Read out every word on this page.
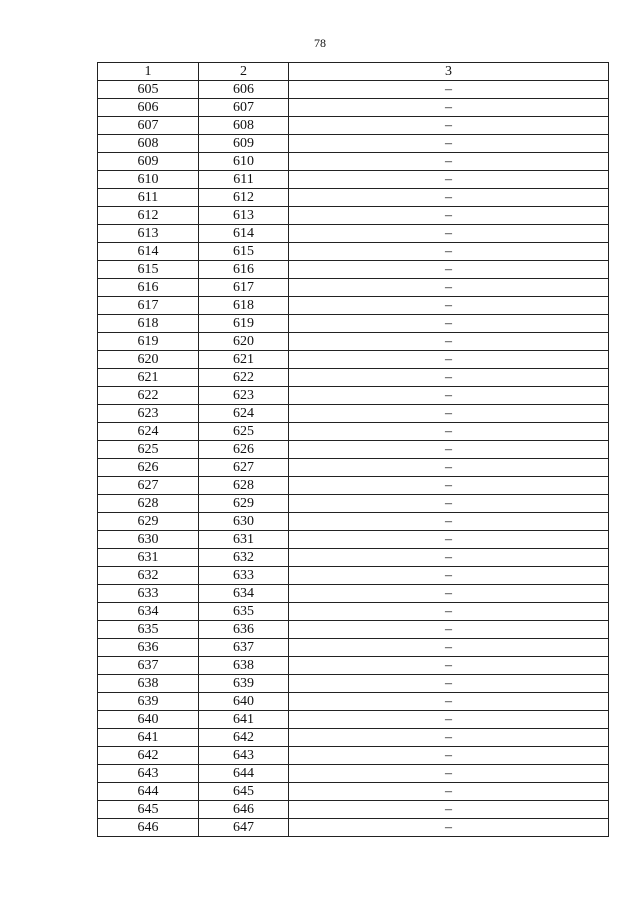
78
1	2	3
605	606	–
606	607	–
607	608	–
608	609	–
609	610	–
610	611	–
611	612	–
612	613	–
613	614	–
614	615	–
615	616	–
616	617	–
617	618	–
618	619	–
619	620	–
620	621	–
621	622	–
622	623	–
623	624	–
624	625	–
625	626	–
626	627	–
627	628	–
628	629	–
629	630	–
630	631	–
631	632	–
632	633	–
633	634	–
634	635	–
635	636	–
636	637	–
637	638	–
638	639	–
639	640	–
640	641	–
641	642	–
642	643	–
643	644	–
644	645	–
645	646	–
646	647	–
